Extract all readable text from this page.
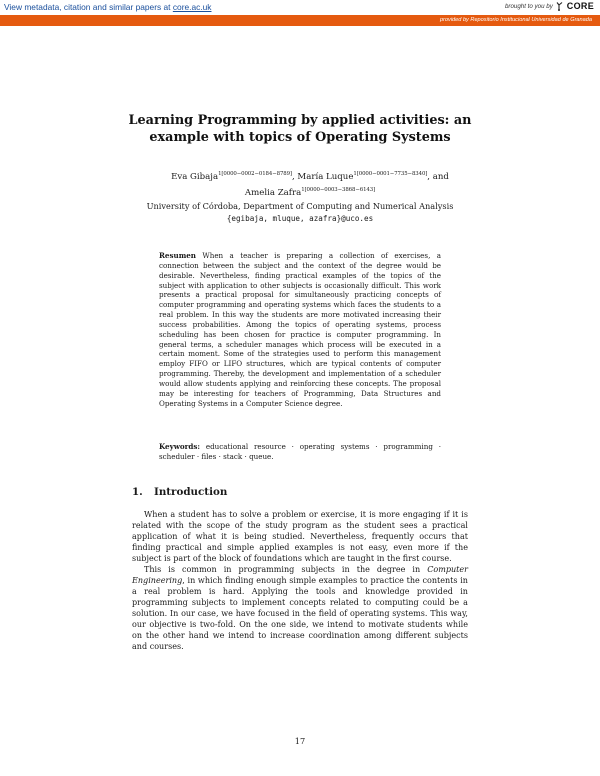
View metadata, citation and similar papers at core.ac.uk	brought to you by CORE
provided by Repositorio Institucional Universidad de Granada
Learning Programming by applied activities: an
example with topics of Operating Systems
Eva Gibaja$^{1[0000-0002-0184-8789]}$, María Luque$^{1[0000-0001-7735-8340]}$, and
Amelia Zafra$^{1[0000-0003-3868-6143]}$
University of Córdoba, Department of Computing and Numerical Analysis
{egibaja, mluque, azafra}@uco.es
Resumen When a teacher is preparing a collection of exercises, a connection between the subject and the context of the degree would be desirable. Nevertheless, finding practical examples of the topics of the subject with application to other subjects is occasionally difficult. This work presents a practical proposal for simultaneously practicing concepts of computer programming and operating systems which faces the students to a real problem. In this way the students are more motivated increasing their success probabilities. Among the topics of operating systems, process scheduling has been chosen for practice is computer programming. In general terms, a scheduler manages which process will be executed in a certain moment. Some of the strategies used to perform this management employ FIFO or LIFO structures, which are typical contents of computer programming. Thereby, the development and implementation of a scheduler would allow students applying and reinforcing these concepts. The proposal may be interesting for teachers of Programming, Data Structures and Operating Systems in a Computer Science degree.
Keywords: educational resource · operating systems · programming · scheduler · files · stack · queue.
1. Introduction
When a student has to solve a problem or exercise, it is more engaging if it is related with the scope of the study program as the student sees a practical application of what it is being studied. Nevertheless, frequently occurs that finding practical and simple applied examples is not easy, even more if the subject is part of the block of foundations which are taught in the first course.
This is common in programming subjects in the degree in Computer Engineering, in which finding enough simple examples to practice the contents in a real problem is hard. Applying the tools and knowledge provided in programming subjects to implement concepts related to computing could be a solution. In our case, we have focused in the field of operating systems. This way, our objective is two-fold. On the one side, we intend to motivate students while on the other hand we intend to increase coordination among different subjects and courses.
17
